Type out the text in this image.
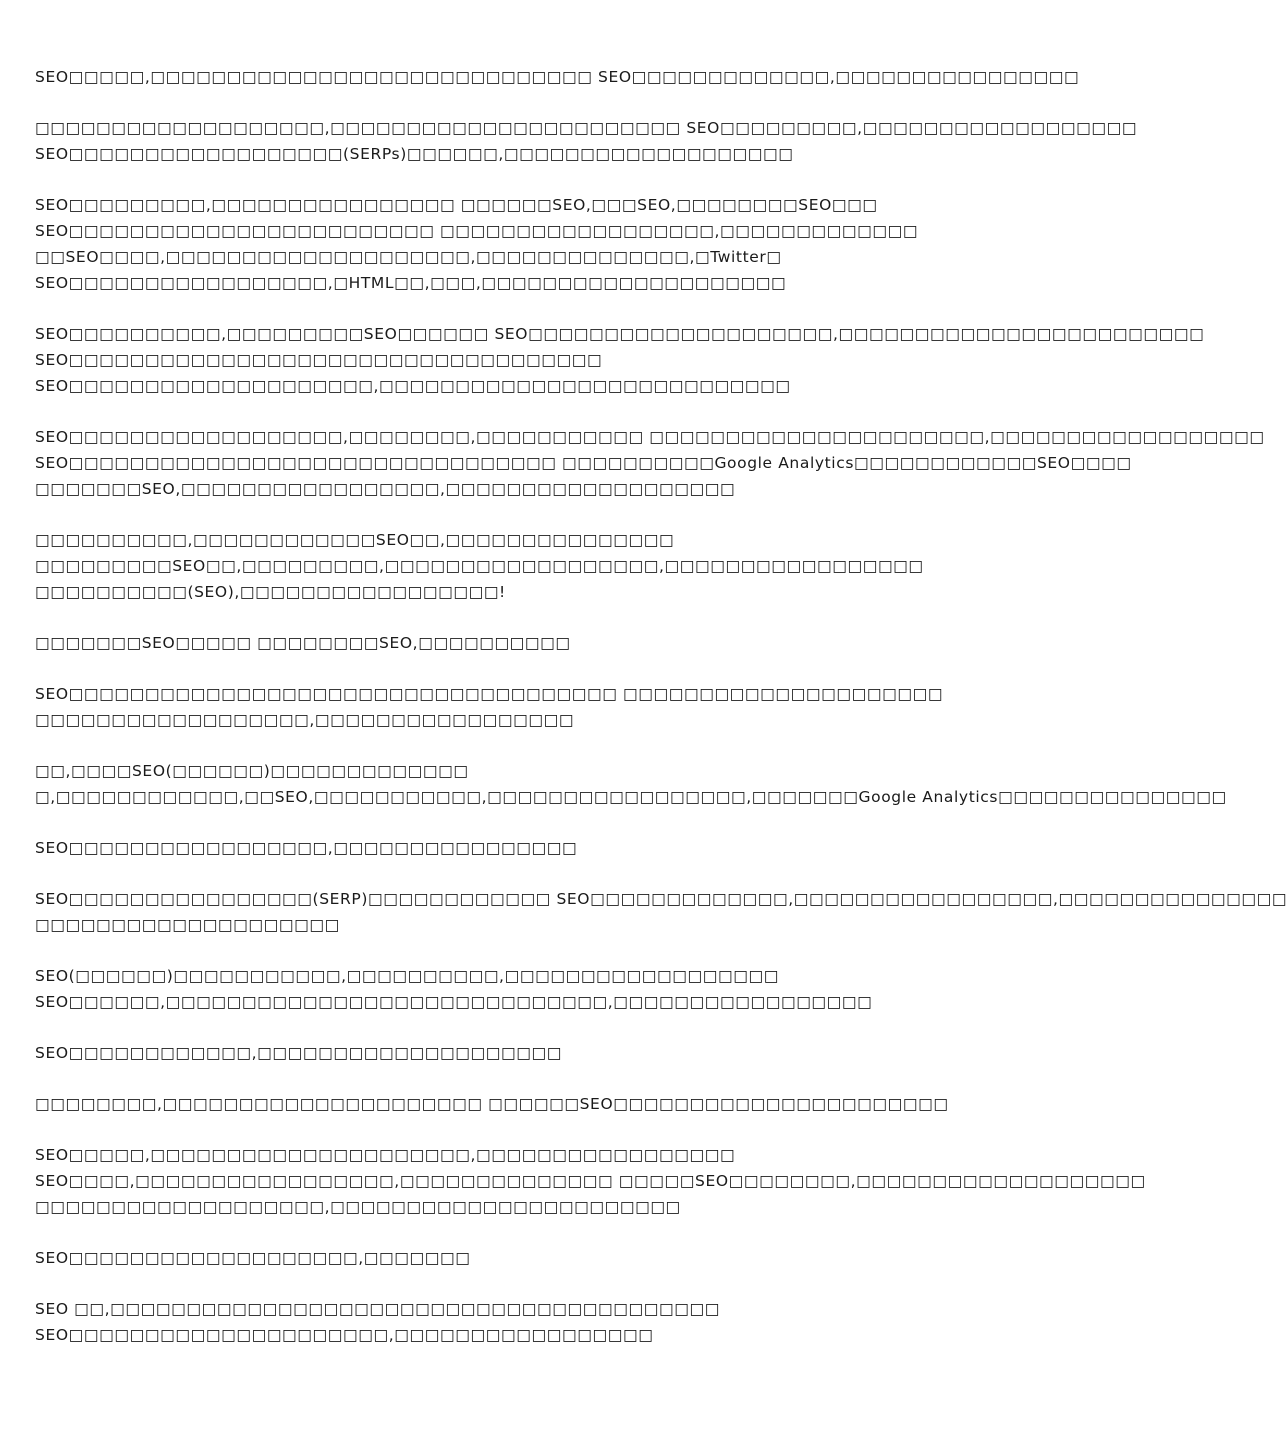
SEO□□□□□,□□□□□□□□□□□□□□□□□□□□□□□□□□□□□ SEO□□□□□□□□□□□□□,□□□□□□□□□□□□□□□□
□□□□□□□□□□□□□□□□□□□,□□□□□□□□□□□□□□□□□□□□□□□ SEO□□□□□□□□□,□□□□□□□□□□□□□□□□□□
SEO□□□□□□□□□□□□□□□□□□(SERPs)□□□□□□,□□□□□□□□□□□□□□□□□□□
SEO□□□□□□□□□,□□□□□□□□□□□□□□□□ □□□□□□SEO,□□□SEO,□□□□□□□□SEO□□□
SEO□□□□□□□□□□□□□□□□□□□□□□□□ □□□□□□□□□□□□□□□□□□,□□□□□□□□□□□□□
□□SEO□□□□,□□□□□□□□□□□□□□□□□□□□,□□□□□□□□□□□□□□,□Twitter□
SEO□□□□□□□□□□□□□□□□□,□HTML□□,□□□,□□□□□□□□□□□□□□□□□□□□
SEO□□□□□□□□□□,□□□□□□□□□SEO□□□□□□ SEO□□□□□□□□□□□□□□□□□□□□,□□□□□□□□□□□□□□□□□□□□□□□□
SEO□□□□□□□□□□□□□□□□□□□□□□□□□□□□□□□□□□□
SEO□□□□□□□□□□□□□□□□□□□□,□□□□□□□□□□□□□□□□□□□□□□□□□□□
SEO□□□□□□□□□□□□□□□□□□,□□□□□□□□,□□□□□□□□□□□ □□□□□□□□□□□□□□□□□□□□□□,□□□□□□□□□□□□□□□□□□
SEO□□□□□□□□□□□□□□□□□□□□□□□□□□□□□□□□ □□□□□□□□□□Google Analytics□□□□□□□□□□□□SEO□□□□
□□□□□□□SEO,□□□□□□□□□□□□□□□□□,□□□□□□□□□□□□□□□□□□□
□□□□□□□□□□,□□□□□□□□□□□□SEO□□,□□□□□□□□□□□□□□□
□□□□□□□□□SEO□□,□□□□□□□□□,□□□□□□□□□□□□□□□□□□,□□□□□□□□□□□□□□□□□
□□□□□□□□□□(SEO),□□□□□□□□□□□□□□□□□!
□□□□□□□SEO□□□□□ □□□□□□□□SEO,□□□□□□□□□□
SEO□□□□□□□□□□□□□□□□□□□□□□□□□□□□□□□□□□□□ □□□□□□□□□□□□□□□□□□□□□
□□□□□□□□□□□□□□□□□□,□□□□□□□□□□□□□□□□□
□□,□□□□SEO(□□□□□□)□□□□□□□□□□□□□
□,□□□□□□□□□□□□,□□SEO,□□□□□□□□□□□,□□□□□□□□□□□□□□□□□,□□□□□□□Google Analytics□□□□□□□□□□□□□□□
SEO□□□□□□□□□□□□□□□□□,□□□□□□□□□□□□□□□□
SEO□□□□□□□□□□□□□□□□(SERP)□□□□□□□□□□□□ SEO□□□□□□□□□□□□□,□□□□□□□□□□□□□□□□□,□□□□□□□□□□□□□□□
□□□□□□□□□□□□□□□□□□□□
SEO(□□□□□□)□□□□□□□□□□□,□□□□□□□□□□,□□□□□□□□□□□□□□□□□□
SEO□□□□□□,□□□□□□□□□□□□□□□□□□□□□□□□□□□□□,□□□□□□□□□□□□□□□□□
SEO□□□□□□□□□□□□,□□□□□□□□□□□□□□□□□□□□
□□□□□□□□,□□□□□□□□□□□□□□□□□□□□□ □□□□□□SEO□□□□□□□□□□□□□□□□□□□□□□
SEO□□□□□,□□□□□□□□□□□□□□□□□□□□□,□□□□□□□□□□□□□□□□□
SEO□□□□,□□□□□□□□□□□□□□□□□,□□□□□□□□□□□□□□ □□□□□SEO□□□□□□□□,□□□□□□□□□□□□□□□□□□□
□□□□□□□□□□□□□□□□□□□,□□□□□□□□□□□□□□□□□□□□□□□
SEO□□□□□□□□□□□□□□□□□□□,□□□□□□□
SEO □□,□□□□□□□□□□□□□□□□□□□□□□□□□□□□□□□□□□□□□□□□
SEO□□□□□□□□□□□□□□□□□□□□□,□□□□□□□□□□□□□□□□□
